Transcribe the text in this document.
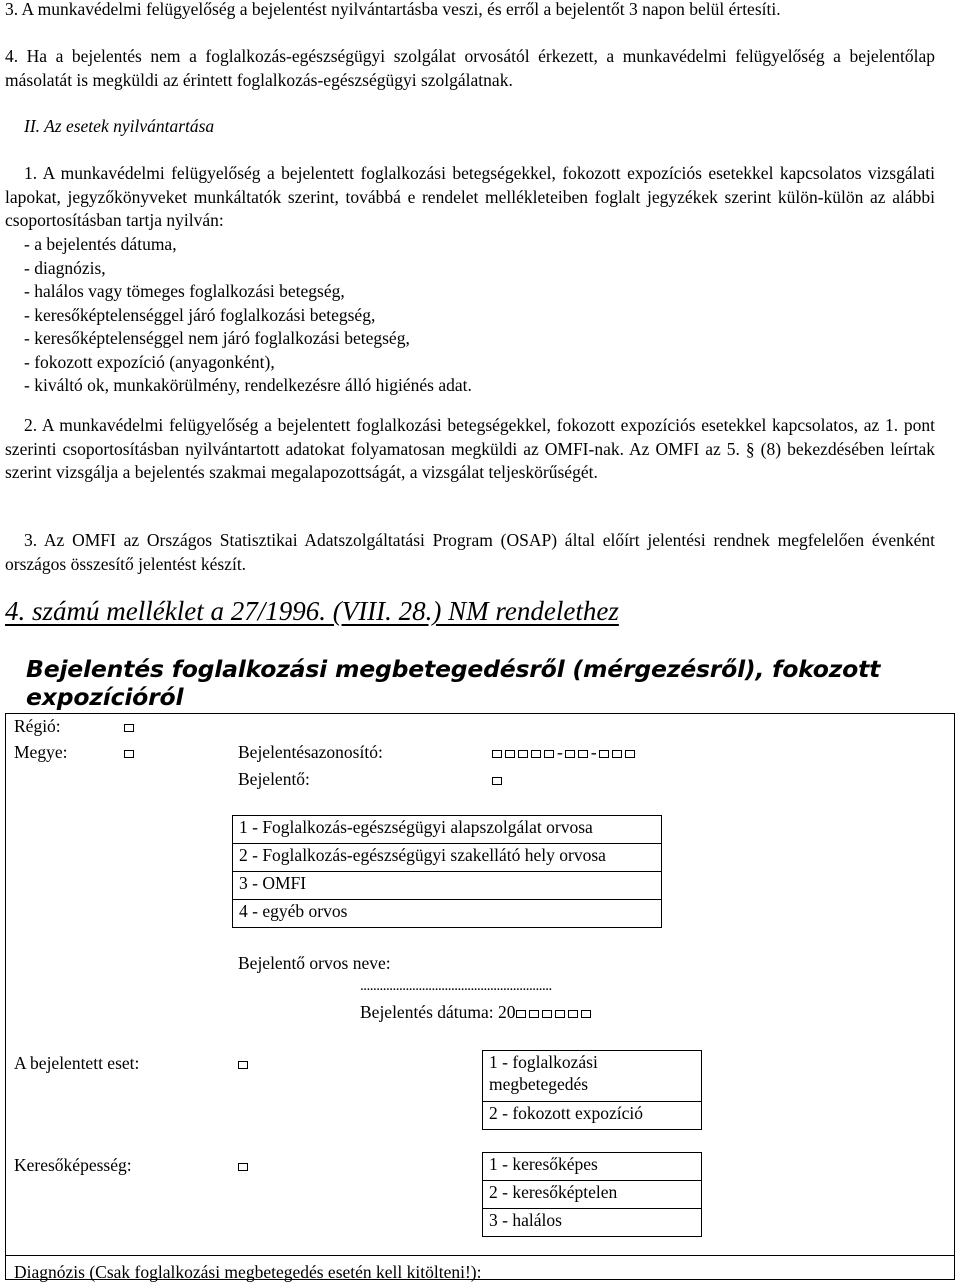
3. A munkavédelmi felügyelőség a bejelentést nyilvántartásba veszi, és erről a bejelentőt 3 napon belül értesíti.
4. Ha a bejelentés nem a foglalkozás-egészségügyi szolgálat orvosától érkezett, a munkavédelmi felügyelőség a bejelentőlap másolatát is megküldi az érintett foglalkozás-egészségügyi szolgálatnak.
II. Az esetek nyilvántartása
1. A munkavédelmi felügyelőség a bejelentett foglalkozási betegségekkel, fokozott expozíciós esetekkel kapcsolatos vizsgálati lapokat, jegyzőkönyveket munkáltatók szerint, továbbá e rendelet mellékleteiben foglalt jegyzékek szerint külön-külön az alábbi csoportosításban tartja nyilván:
- a bejelentés dátuma,
- diagnózis,
- halálos vagy tömeges foglalkozási betegség,
- keresőképtelenséggel járó foglalkozási betegség,
- keresőképtelenséggel nem járó foglalkozási betegség,
- fokozott expozíció (anyagonként),
- kiváltó ok, munkakörülmény, rendelkezésre álló higiénés adat.
2. A munkavédelmi felügyelőség a bejelentett foglalkozási betegségekkel, fokozott expozíciós esetekkel kapcsolatos, az 1. pont szerinti csoportosításban nyilvántartott adatokat folyamatosan megküldi az OMFI-nak. Az OMFI az 5. § (8) bekezdésében leírtak szerint vizsgálja a bejelentés szakmai megalapozottságát, a vizsgálat teljeskörűségét.
3. Az OMFI az Országos Statisztikai Adatszolgáltatási Program (OSAP) által előírt jelentési rendnek megfelelően évenként országos összesítő jelentést készít.
4. számú melléklet a 27/1996. (VIII. 28.) NM rendelethez
Bejelentés foglalkozási megbetegedésről (mérgezésről), fokozott expozícióról
Régió:
Megye:	Bejelentésazonosító:	- -
Bejelentő:
1 - Foglalkozás-egészségügyi alapszolgálat orvosa
2 - Foglalkozás-egészségügyi szakellátó hely orvosa
3 - OMFI
4 - egyéb orvos
Bejelentő orvos neve:
...........................................................
Bejelentés dátuma: 20
A bejelentett eset:	1 - foglalkozási
megbetegedés

2 - fokozott expozíció
Keresőképesség:	1 - keresőképes
2 - keresőképtelen
3 - halálos
Diagnózis (Csak foglalkozási megbetegedés esetén kell kitölteni!):
